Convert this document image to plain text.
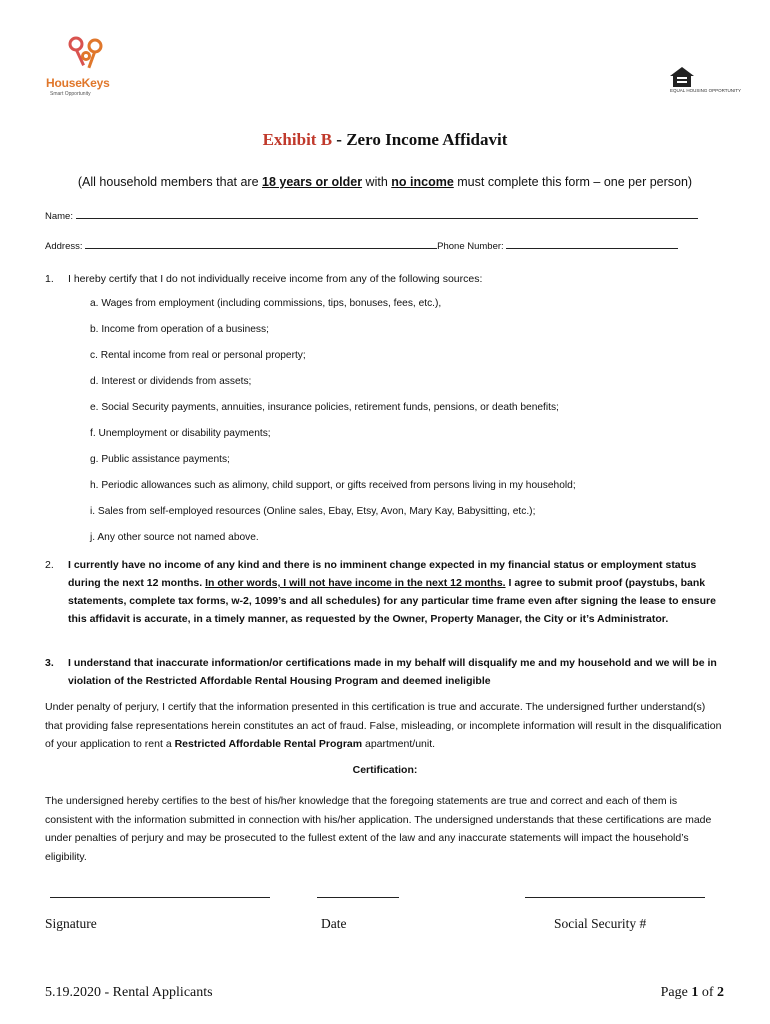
HouseKeys
Smart Opportunity
EQUAL HOUSING OPPORTUNITY
Exhibit B - Zero Income Affidavit
(All household members that are 18 years or older with no income must complete this form – one per person)
Name:
Address:	Phone Number:
1. I hereby certify that I do not individually receive income from any of the following sources:
a. Wages from employment (including commissions, tips, bonuses, fees, etc.),
b. Income from operation of a business;
c. Rental income from real or personal property;
d. Interest or dividends from assets;
e. Social Security payments, annuities, insurance policies, retirement funds, pensions, or death benefits;
f. Unemployment or disability payments;
g. Public assistance payments;
h. Periodic allowances such as alimony, child support, or gifts received from persons living in my household;
i. Sales from self-employed resources (Online sales, Ebay, Etsy, Avon, Mary Kay, Babysitting, etc.);
j. Any other source not named above.
2. I currently have no income of any kind and there is no imminent change expected in my financial status or employment status during the next 12 months. In other words, I will not have income in the next 12 months. I agree to submit proof (paystubs, bank statements, complete tax forms, w-2, 1099’s and all schedules) for any particular time frame even after signing the lease to ensure this affidavit is accurate, in a timely manner, as requested by the Owner, Property Manager, the City or it’s Administrator.
3. I understand that inaccurate information/or certifications made in my behalf will disqualify me and my household and we will be in violation of the Restricted Affordable Rental Housing Program and deemed ineligible
Under penalty of perjury, I certify that the information presented in this certification is true and accurate. The undersigned further understand(s) that providing false representations herein constitutes an act of fraud. False, misleading, or incomplete information will result in the disqualification of your application to rent a Restricted Affordable Rental Program apartment/unit.
Certification:
The undersigned hereby certifies to the best of his/her knowledge that the foregoing statements are true and correct and each of them is consistent with the information submitted in connection with his/her application. The undersigned understands that these certifications are made under penalties of perjury and may be prosecuted to the fullest extent of the law and any inaccurate statements will impact the household’s eligibility.
Signature	Date	Social Security #
5.19.2020 - Rental Applicants	Page 1 of 2
